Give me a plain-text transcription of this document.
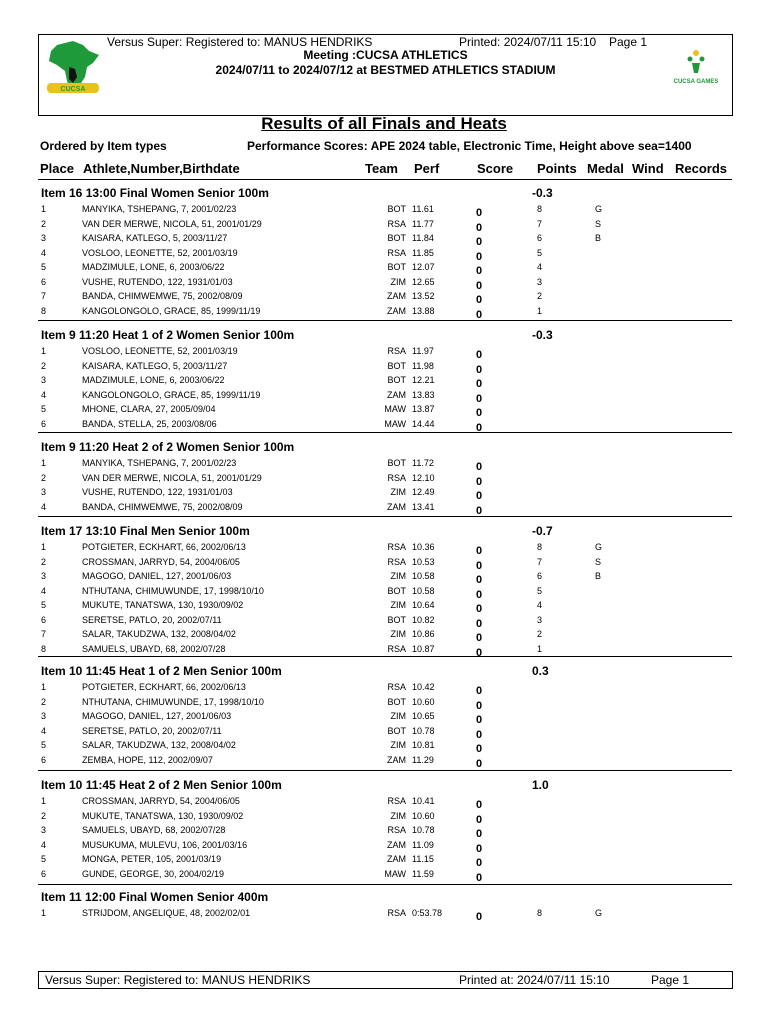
CUCSA
Versus Super: Registered to: MANUS HENDRIKS	Printed: 2024/07/11 15:10 Page 1
Meeting :CUCSA ATHLETICS
2024/07/11 to 2024/07/12 at BESTMED ATHLETICS STADIUM
CUCSA GAMES
Results of all Finals and Heats
Ordered by Item types	Performance Scores: APE 2024 table, Electronic Time, Height above sea=1400
Place Athlete,Number,Birthdate	Team Perf	Score Points Medal Wind Records
Item 16 13:00 Final Women Senior 100m	-0.3
1	MANYIKA, TSHEPANG, 7, 2001/02/23	BOT 11.61	0	8	G
2	VAN DER MERWE, NICOLA, 51, 2001/01/29	RSA 11.77	0	7	S
3	KAISARA, KATLEGO, 5, 2003/11/27	BOT 11.84	0	6	B
4	VOSLOO, LEONETTE, 52, 2001/03/19	RSA 11.85	0	5
5	MADZIMULE, LONE, 6, 2003/06/22	BOT 12.07	0	4
6	VUSHE, RUTENDO, 122, 1931/01/03	ZIM 12.65	0	3
7	BANDA, CHIMWEMWE, 75, 2002/08/09	ZAM 13.52	0	2
8	KANGOLONGOLO, GRACE, 85, 1999/11/19	ZAM 13.88	0	1
Item 9 11:20 Heat 1 of 2 Women Senior 100m	-0.3
1	VOSLOO, LEONETTE, 52, 2001/03/19	RSA 11.97	0
2	KAISARA, KATLEGO, 5, 2003/11/27	BOT 11.98	0
3	MADZIMULE, LONE, 6, 2003/06/22	BOT 12.21	0
4	KANGOLONGOLO, GRACE, 85, 1999/11/19	ZAM 13.83	0
5	MHONE, CLARA, 27, 2005/09/04	MAW 13.87	0
6	BANDA, STELLA, 25, 2003/08/06	MAW 14.44	0
Item 9 11:20 Heat 2 of 2 Women Senior 100m
1	MANYIKA, TSHEPANG, 7, 2001/02/23	BOT 11.72	0
2	VAN DER MERWE, NICOLA, 51, 2001/01/29	RSA 12.10	0
3	VUSHE, RUTENDO, 122, 1931/01/03	ZIM 12.49	0
4	BANDA, CHIMWEMWE, 75, 2002/08/09	ZAM 13.41	0
Item 17 13:10 Final Men Senior 100m	-0.7
1	POTGIETER, ECKHART, 66, 2002/06/13	RSA 10.36	0	8	G
2	CROSSMAN, JARRYD, 54, 2004/06/05	RSA 10.53	0	7	S
3	MAGOGO, DANIEL, 127, 2001/06/03	ZIM 10.58	0	6	B
4	NTHUTANA, CHIMUWUNDE, 17, 1998/10/10	BOT 10.58	0	5
5	MUKUTE, TANATSWA, 130, 1930/09/02	ZIM 10.64	0	4
6	SERETSE, PATLO, 20, 2002/07/11	BOT 10.82	0	3
7	SALAR, TAKUDZWA, 132, 2008/04/02	ZIM 10.86	0	2
8	SAMUELS, UBAYD, 68, 2002/07/28	RSA 10.87	0	1
Item 10 11:45 Heat 1 of 2 Men Senior 100m	0.3
1	POTGIETER, ECKHART, 66, 2002/06/13	RSA 10.42	0
2	NTHUTANA, CHIMUWUNDE, 17, 1998/10/10	BOT 10.60	0
3	MAGOGO, DANIEL, 127, 2001/06/03	ZIM 10.65	0
4	SERETSE, PATLO, 20, 2002/07/11	BOT 10.78	0
5	SALAR, TAKUDZWA, 132, 2008/04/02	ZIM 10.81	0
6	ZEMBA, HOPE, 112, 2002/09/07	ZAM 11.29	0
Item 10 11:45 Heat 2 of 2 Men Senior 100m	1.0
1	CROSSMAN, JARRYD, 54, 2004/06/05	RSA 10.41	0
2	MUKUTE, TANATSWA, 130, 1930/09/02	ZIM 10.60	0
3	SAMUELS, UBAYD, 68, 2002/07/28	RSA 10.78	0
4	MUSUKUMA, MULEVU, 106, 2001/03/16	ZAM 11.09	0
5	MONGA, PETER, 105, 2001/03/19	ZAM 11.15	0
6	GUNDE, GEORGE, 30, 2004/02/19	MAW 11.59	0
Item 11 12:00 Final Women Senior 400m
1	STRIJDOM, ANGELIQUE, 48, 2002/02/01	RSA 0:53.78	0	8	G
Versus Super: Registered to: MANUS HENDRIKS	Printed at: 2024/07/11 15:10	Page 1
